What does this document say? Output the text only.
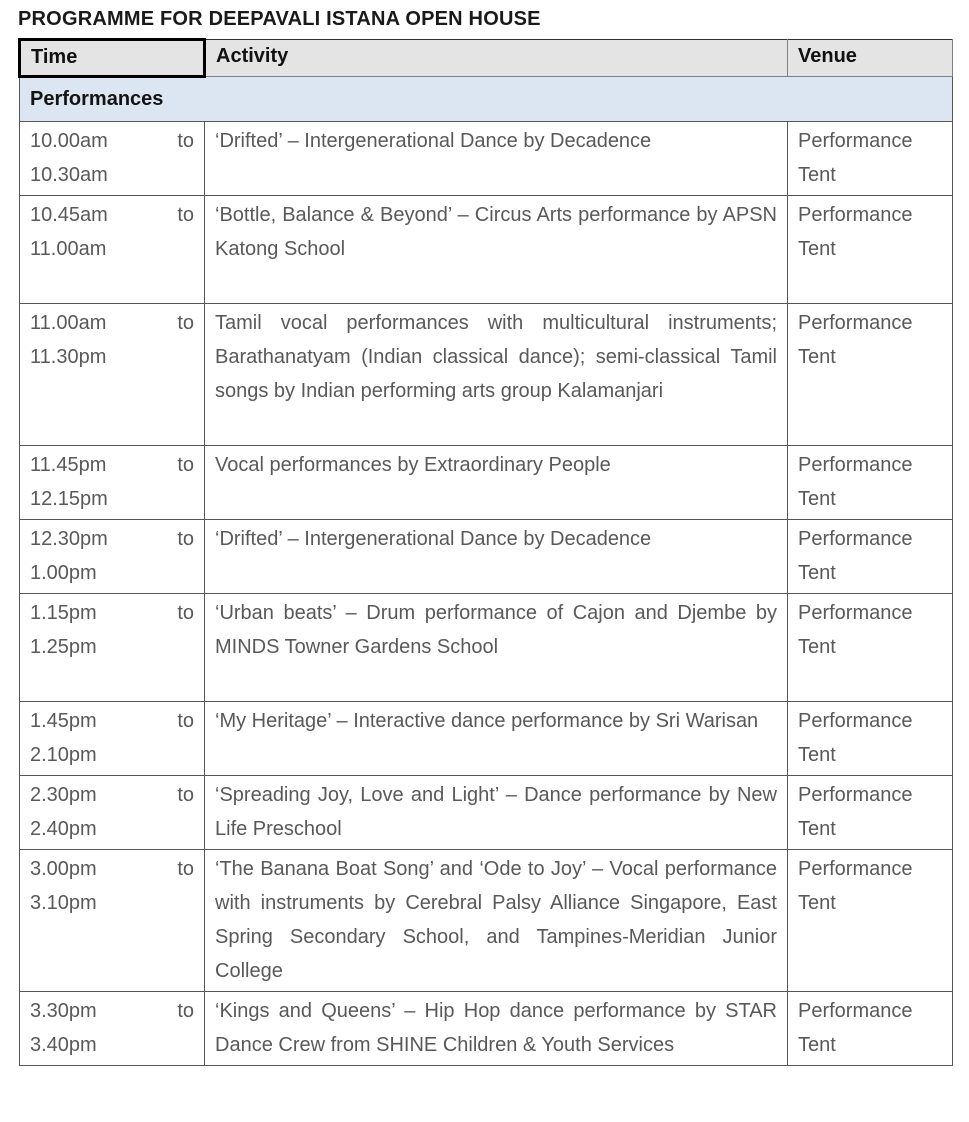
PROGRAMME FOR DEEPAVALI ISTANA OPEN HOUSE
Time	Activity	Venue
Performances		

10.00am to
10.30am	‘Drifted’ – Intergenerational Dance by Decadence	Performance Tent

10.45am to
11.00am	‘Bottle, Balance & Beyond’ – Circus Arts performance by APSN Katong School	Performance Tent

11.00am to
11.30pm	Tamil vocal performances with multicultural instruments; Barathanatyam (Indian classical dance); semi-classical Tamil songs by Indian performing arts group Kalamanjari	Performance Tent

11.45pm to
12.15pm	Vocal performances by Extraordinary People	Performance Tent

12.30pm to
1.00pm	‘Drifted’ – Intergenerational Dance by Decadence	Performance Tent

1.15pm to
1.25pm	‘Urban beats’ – Drum performance of Cajon and Djembe by MINDS Towner Gardens School	Performance Tent

1.45pm to
2.10pm	‘My Heritage’ – Interactive dance performance by Sri Warisan	Performance Tent

2.30pm to
2.40pm	‘Spreading Joy, Love and Light’ – Dance performance by New Life Preschool	Performance Tent

3.00pm to
3.10pm	‘The Banana Boat Song’ and ‘Ode to Joy’ – Vocal performance with instruments by Cerebral Palsy Alliance Singapore, East Spring Secondary School, and Tampines-Meridian Junior College	Performance Tent

3.30pm to
3.40pm	‘Kings and Queens’ – Hip Hop dance performance by STAR Dance Crew from SHINE Children & Youth Services	Performance Tent
